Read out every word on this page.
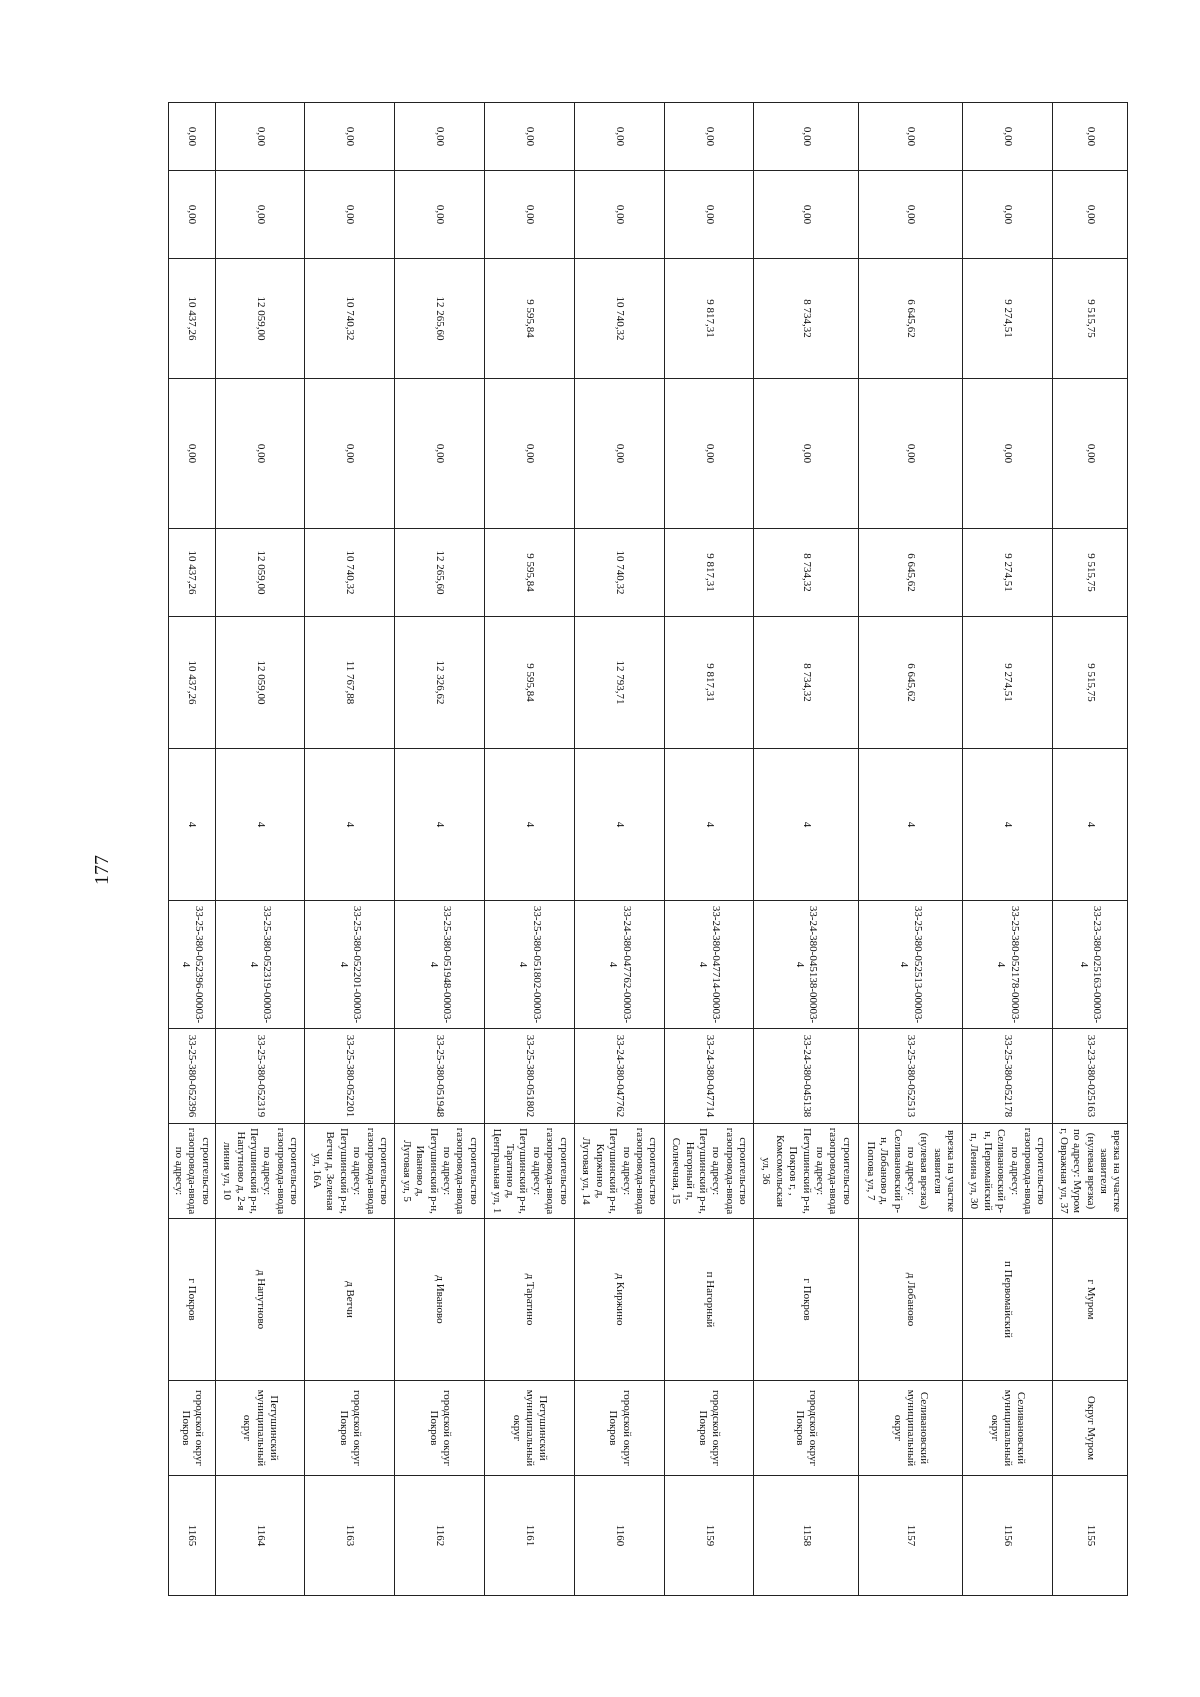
177
0,00	0,00	9 515,75	0,00	9 515,75	9 515,75	4	33-23-380-025163-00003-4	33-23-380-025163	врезка на участке заявителя (нулевая врезка) по адресу: Муром г, Овражная ул, 37	г Муром	Округ Муром	1155
0,00	0,00	9 274,51	0,00	9 274,51	9 274,51	4	33-25-380-052178-00003-4	33-25-380-052178	строительство газопровода-ввода по адресу: Селивановский р-н, Первомайский п, Ленина ул, 30	п Первомайский	Селивановский муниципальный округ	1156
0,00	0,00	6 645,62	0,00	6 645,62	6 645,62	4	33-25-380-052513-00003-4	33-25-380-052513	врезка на участке заявителя (нулевая врезка) по адресу: Селивановский р-н, Лобаново д, Попова ул, 7	д Лобаново	Селивановский муниципальный округ	1157
0,00	0,00	8 734,32	0,00	8 734,32	8 734,32	4	33-24-380-045138-00003-4	33-24-380-045138	строительство газопровода-ввода по адресу: Петушинский р-н, Покров г, , Комсомольская ул, 36	г Покров	городской округ Покров	1158
0,00	0,00	9 817,31	0,00	9 817,31	9 817,31	4	33-24-380-047714-00003-4	33-24-380-047714	строительство газопровода-ввода по адресу: Петушинский р-н, Нагорный п, Солнечная, 15	п Нагорный	городской округ Покров	1159
0,00	0,00	10 740,32	0,00	10 740,32	12 793,71	4	33-24-380-047762-00003-4	33-24-380-047762	строительство газопровода-ввода по адресу: Петушинский р-н, Киржино д, Луговая ул, 14	д Киржино	городской округ Покров	1160
0,00	0,00	9 595,84	0,00	9 595,84	9 595,84	4	33-25-380-051802-00003-4	33-25-380-051802	строительство газопровода-ввода по адресу: Петушинский р-н, Таратино д, Центральная ул, 1	д Таратино	Петушинский муниципальный округ	1161
0,00	0,00	12 265,60	0,00	12 265,60	12 326,62	4	33-25-380-051948-00003-4	33-25-380-051948	строительство газопровода-ввода по адресу: Петушинский р-н, Иваново д, Луговая ул, 5	д Иваново	городской округ Покров	1162
0,00	0,00	10 740,32	0,00	10 740,32	11 767,88	4	33-25-380-052201-00003-4	33-25-380-052201	строительство газопровода-ввода по адресу: Петушинский р-н, Ветчи д, Зеленая ул, 16А	д Ветчи	городской округ Покров	1163
0,00	0,00	12 059,00	0,00	12 059,00	12 059,00	4	33-25-380-052319-00003-4	33-25-380-052319	строительство газопровода-ввода по адресу: Петушинский р-н, Напутново д, 2-я линия ул, 10	д Напутново	Петушинский муниципальный округ	1164
0,00	0,00	10 437,26	0,00	10 437,26	10 437,26	4	33-25-380-052396-00003-4	33-25-380-052396	строительство газопровода-ввода по адресу:	г Покров	городской округ Покров	1165
